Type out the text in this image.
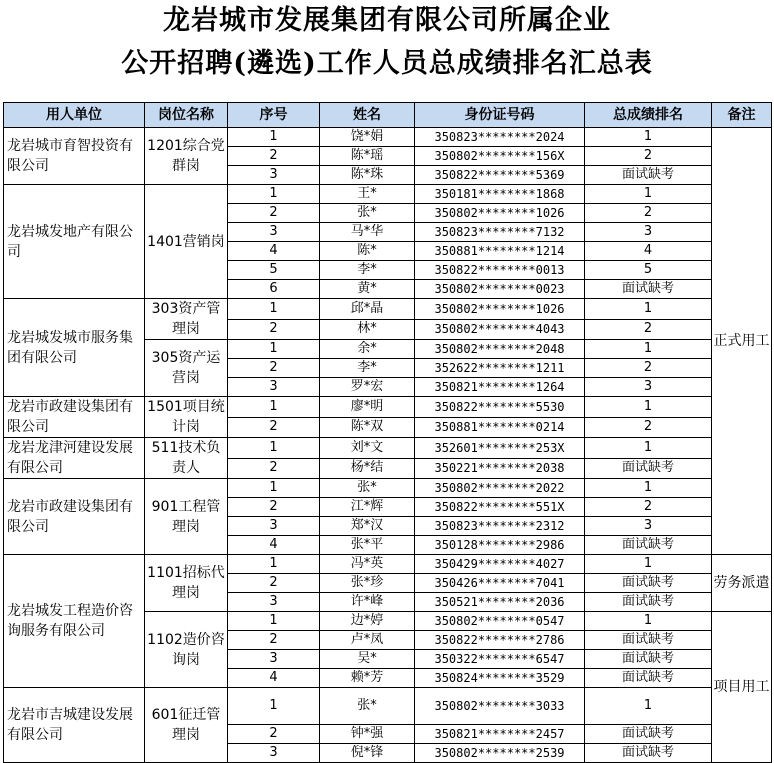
龙岩城市发展集团有限公司所属企业
公开招聘(遴选)工作人员总成绩排名汇总表
用人单位	岗位名称	序号	姓名	身份证号码	总成绩排名	备注
龙岩城市育智投资有限公司	1201综合党群岗	1	饶*娟	350823********2024	1	正式用工
		2	陈*瑶	350802********156X	2	
		3	陈*珠	350822********5369	面试缺考	
龙岩城发地产有限公司	1401营销岗	1	王*	350181********1868	1	
		2	张*	350802********1026	2	
		3	马*华	350823********7132	3	
		4	陈*	350881********1214	4	
		5	李*	350822********0013	5	
		6	黄*	350802********0023	面试缺考	
龙岩城发城市服务集团有限公司	303资产管理岗	1	邱*晶	350802********1026	1	
		2	林*	350802********4043	2	
	305资产运营岗	1	余*	350802********2048	1	
		2	李*	352622********1211	2	
		3	罗*宏	350821********1264	3	
龙岩市政建设集团有限公司	1501项目统计岗	1	廖*明	350822********5530	1	
		2	陈*双	350881********0214	2	
龙岩龙津河建设发展有限公司	511技术负责人	1	刘*文	352601********253X	1	
		2	杨*结	350221********2038	面试缺考	
龙岩市政建设集团有限公司	901工程管理岗	1	张*	350802********2022	1	
		2	江*辉	350822********551X	2	
		3	郑*汉	350823********2312	3	
		4	张*平	350128********2986	面试缺考	
龙岩城发工程造价咨询服务有限公司	1101招标代理岗	1	冯*英	350429********4027	1	劳务派遣
		2	张*珍	350426********7041	面试缺考	
		3	许*峰	350521********2036	面试缺考	
	1102造价咨询岗	1	边*婷	350802********0547	1	项目用工
		2	卢*凤	350822********2786	面试缺考	
		3	吴*	350322********6547	面试缺考	
		4	赖*芳	350824********3529	面试缺考	
龙岩市吉城建设发展有限公司	601征迁管理岗	1	张*	350802********3033	1	
		2	钟*强	350821********2457	面试缺考	
		3	倪*锋	350802********2539	面试缺考	
